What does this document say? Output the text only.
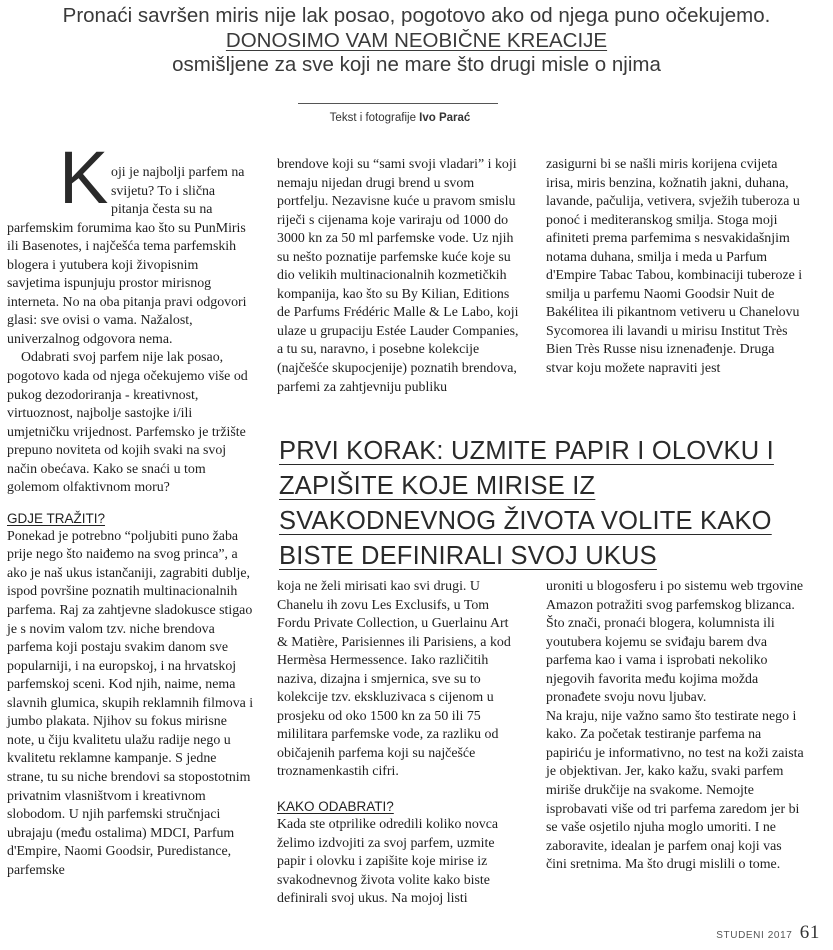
Pronaći savršen miris nije lak posao, pogotovo ako od njega puno očekujemo. DONOSIMO VAM NEOBIČNE KREACIJE
osmišljene za sve koji ne mare što drugi misle o njima
Tekst i fotografije Ivo Parać
K oji je najbolji parfem na svijetu? To i slična pitanja česta su na parfemskim forumima kao što su PunMiris ili Basenotes, i najčešća tema parfemskih blogera i yutubera koji živopisnim savjetima ispunjuju prostor mirisnog interneta. No na oba pitanja pravi odgovori glasi: sve ovisi o vama. Nažalost, univerzalnog odgovora nema.

Odabrati svoj parfem nije lak posao, pogotovo kada od njega očekujemo više od pukog dezodoriranja - kreativnost, virtuoznost, najbolje sastojke i/ili umjetničku vrijednost. Parfemsko je tržište prepuno noviteta od kojih svaki na svoj način obećava. Kako se snaći u tom golemom olfaktivnom moru?

GDJE TRAŽITI?

Ponekad je potrebno “poljubiti puno žaba prije nego što naiđemo na svog princa”, a ako je naš ukus istančaniji, zagrabiti dublje, ispod površine poznatih multinacionalnih parfema. Raj za zahtjevne sladokusce stigao je s novim valom tzv. niche brendova parfema koji postaju svakim danom sve popularniji, i na europskoj, i na hrvatskoj parfemskoj sceni. Kod njih, naime, nema slavnih glumica, skupih reklamnih filmova i jumbo plakata. Njihov su fokus mirisne note, u čiju kvalitetu ulažu radije nego u kvalitetu reklamne kampanje. S jedne strane, tu su niche brendovi sa stopostotnim privatnim vlasništvom i kreativnom slobodom. U njih parfemski stručnjaci ubrajaju (među ostalima) MDCI, Parfum d'Empire, Naomi Goodsir, Puredistance, parfemske

brendove koji su “sami svoji vladari” i koji nemaju nijedan drugi brend u svom portfelju. Nezavisne kuće u pravom smislu riječi s cijenama koje variraju od 1000 do 3000 kn za 50 ml parfemske vode. Uz njih su nešto poznatije parfemske kuće koje su dio velikih multinacionalnih kozmetičkih kompanija, kao što su By Kilian, Editions de Parfums Frédéric Malle & Le Labo, koji ulaze u grupaciju Estée Lauder Companies, a tu su, naravno, i posebne kolekcije (najčešće skupocjenije) poznatih brendova, parfemi za zahtjevniju publiku

zasigurni bi se našli miris korijena cvijeta irisa, miris benzina, kožnatih jakni, duhana, lavande, pačulija, vetivera, svježih tuberoza u ponoć i mediteranskog smilja. Stoga moji afiniteti prema parfemima s nesvakidašnjim notama duhana, smilja i meda u Parfum d'Empire Tabac Tabou, kombinaciji tuberoze i smilja u parfemu Naomi Goodsir Nuit de Bakélitea ili pikantnom vetiveru u Chanelovu Sycomorea ili lavandi u mirisu Institut Très Bien Très Russe nisu iznenađenje. Druga stvar koju možete napraviti jest

PRVI KORAK: UZMITE PAPIR I OLOVKU I ZAPIŠITE KOJE MIRISE IZ SVAKODNEVNOG ŽIVOTA VOLITE KAKO BISTE DEFINIRALI SVOJ UKUS

koja ne želi mirisati kao svi drugi. U Chanelu ih zovu Les Exclusifs, u Tom Fordu Private Collection, u Guerlainu Art & Matière, Parisiennes ili Parisiens, a kod Hermèsa Hermessence. Iako različitih naziva, dizajna i smjernica, sve su to kolekcije tzv. ekskluzivaca s cijenom u prosjeku od oko 1500 kn za 50 ili 75 mililitara parfemske vode, za razliku od običajenih parfema koji su najčešće troznamenkastih cifri.

KAKO ODABRATI?

Kada ste otprilike odredili koliko novca želimo izdvojiti za svoj parfem, uzmite papir i olovku i zapišite koje mirise iz svakodnevnog života volite kako biste definirali svoj ukus. Na mojoj listi

uroniti u blogosferu i po sistemu web trgovine Amazon potražiti svog parfemskog blizanca. Što znači, pronaći blogera, kolumnista ili youtubera kojemu se sviđaju barem dva parfema kao i vama i isprobati nekoliko njegovih favorita među kojima možda pronađete svoju novu ljubav.

Na kraju, nije važno samo što testirate nego i kako. Za početak testiranje parfema na papiriću je informativno, no test na koži zaista je objektivan. Jer, kako kažu, svaki parfem miriše drukčije na svakome. Nemojte isprobavati više od tri parfema zaredom jer bi se vaše osjetilo njuha moglo umoriti. I ne zaboravite, idealan je parfem onaj koji vas čini sretnima. Ma što drugi mislili o tome.

STUDENI 2017 61
